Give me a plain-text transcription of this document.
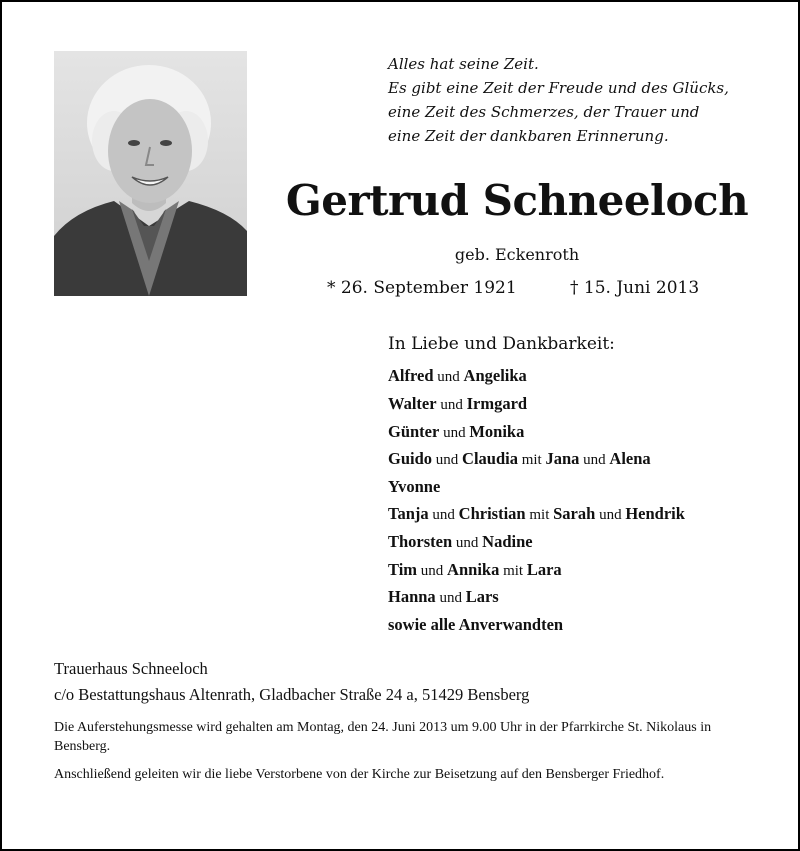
Alles hat seine Zeit.
Es gibt eine Zeit der Freude und des Glücks,
eine Zeit des Schmerzes, der Trauer und
eine Zeit der dankbaren Erinnerung.
Gertrud Schneeloch
geb. Eckenroth
* 26. September 1921	† 15. Juni 2013
In Liebe und Dankbarkeit:
Alfred und Angelika
Walter und Irmgard
Günter und Monika
Guido und Claudia mit Jana und Alena
Yvonne
Tanja und Christian mit Sarah und Hendrik
Thorsten und Nadine
Tim und Annika mit Lara
Hanna und Lars
sowie alle Anverwandten
Trauerhaus Schneeloch
c/o Bestattungshaus Altenrath, Gladbacher Straße 24 a, 51429 Bensberg
Die Auferstehungsmesse wird gehalten am Montag, den 24. Juni 2013 um 9.00 Uhr in der Pfarrkirche St. Nikolaus in Bensberg.
Anschließend geleiten wir die liebe Verstorbene von der Kirche zur Beisetzung auf den Bensberger Friedhof.
